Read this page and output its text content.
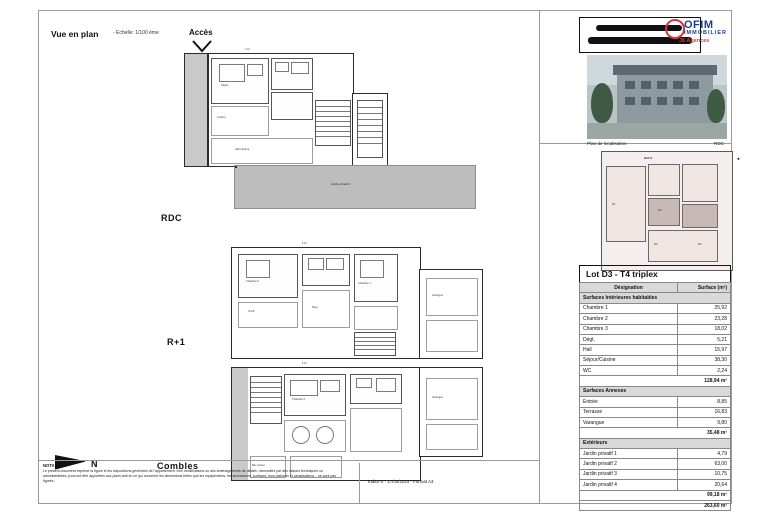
Vue en plan	- Echelle: 1/100 ème	Accès
Séjour
Cuisine
Hall / Entrée
6.20
Jardin privatif 2
RDC
Chambre 2
Chambre 1
S.d.B
Dégt.
6.20
Varangue
R+1
Chambre 3
Bac à laver
6.20
Varangue
Combles
N
NOTA :
Le présent document exprime la figure et les dispositions générales de l'appartement. Des modifications ou des aménagements de détails, nécessités par des raisons techniques ou administratives, pourront être apportées aux plans tant en ce qui concerne les dimensions tirées que les équipements, les accessoires, surfaces, tous plafonds et canalisations... ne sont pas figurés.	Indice 0 - 17/04/2024 - Format A3
OFIM
IMMOBILIER
J6 Agences
Plan de localisation	RDC
BAT D
D3	D4
D1
D2
◄
Lot D3 - T4 triplex
Désignation	Surface (m²)
Surfaces Intérieures habitables	
Chambre 1	25,92
Chambre 2	23,28
Chambre 3	18,02
Dégt.	5,21
Hall	15,97
Séjour/Cuisine	38,30
WC	2,24
128,94 m²	
Surfaces Annexes	
Entrée	8,85
Terrasse	16,83
Varangue	9,80
35,48 m²	
Extérieurs	
Jardin privatif 1	4,79
Jardin privatif 2	63,00
Jardin privatif 3	10,75
Jardin privatif 4	20,64
99,18 m²	
263,60 m²	
